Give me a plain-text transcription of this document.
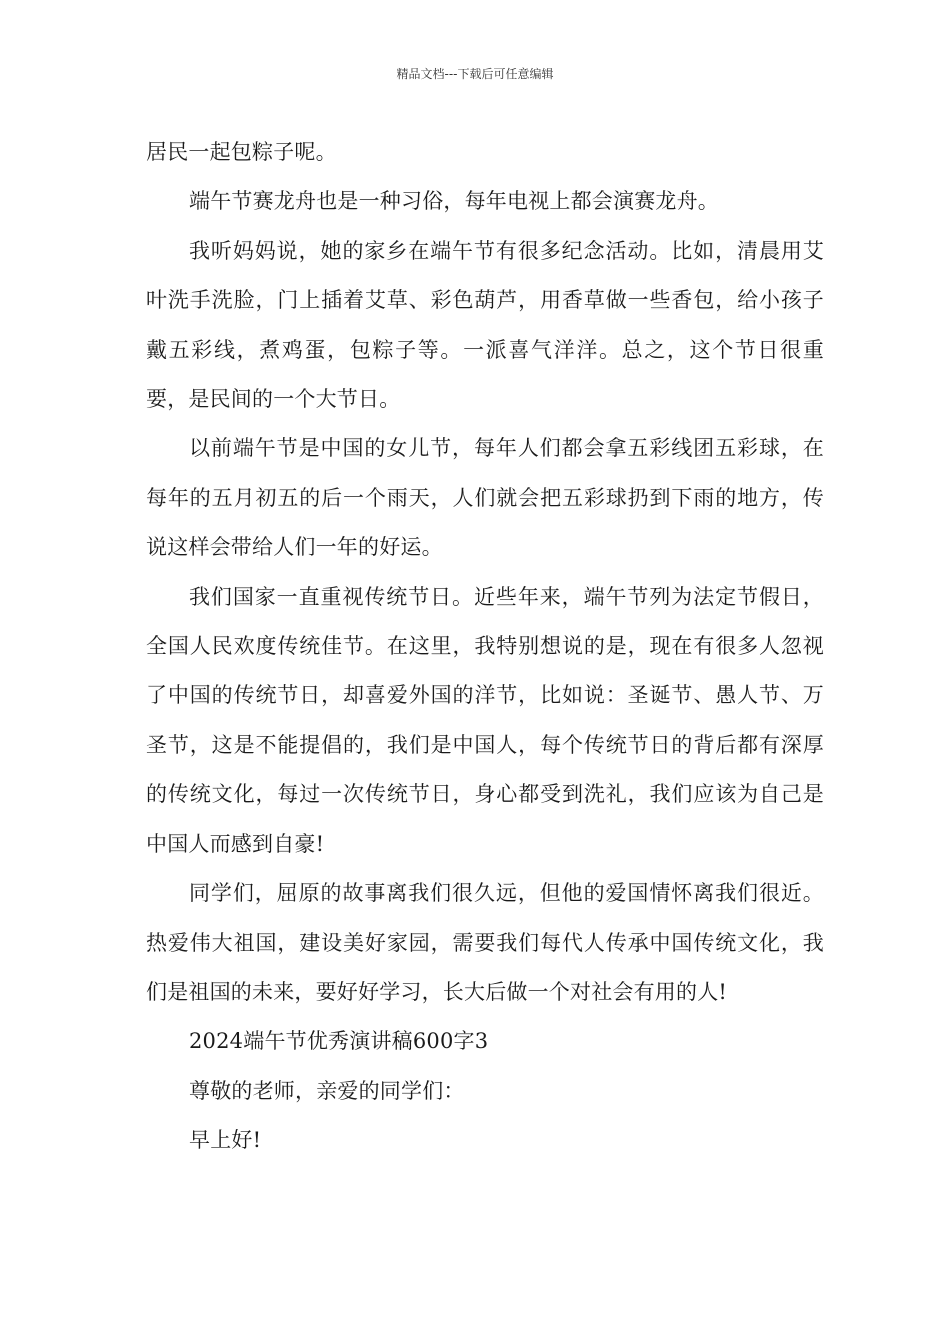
精品文档---下载后可任意编辑

居民一起包粽子呢。

端午节赛龙舟也是一种习俗，每年电视上都会演赛龙舟。

我听妈妈说，她的家乡在端午节有很多纪念活动。比如，清晨用艾叶洗手洗脸，门上插着艾草、彩色葫芦，用香草做一些香包，给小孩子戴五彩线，煮鸡蛋，包粽子等。一派喜气洋洋。总之，这个节日很重要，是民间的一个大节日。

以前端午节是中国的女儿节，每年人们都会拿五彩线团五彩球，在每年的五月初五的后一个雨天，人们就会把五彩球扔到下雨的地方，传说这样会带给人们一年的好运。

我们国家一直重视传统节日。近些年来，端午节列为法定节假日，全国人民欢度传统佳节。在这里，我特别想说的是，现在有很多人忽视了中国的传统节日，却喜爱外国的洋节，比如说：圣诞节、愚人节、万圣节，这是不能提倡的，我们是中国人，每个传统节日的背后都有深厚的传统文化，每过一次传统节日，身心都受到洗礼，我们应该为自己是中国人而感到自豪!

同学们，屈原的故事离我们很久远，但他的爱国情怀离我们很近。热爱伟大祖国，建设美好家园，需要我们每代人传承中国传统文化，我们是祖国的未来，要好好学习，长大后做一个对社会有用的人!

2024端午节优秀演讲稿600字3

尊敬的老师，亲爱的同学们：

早上好!
